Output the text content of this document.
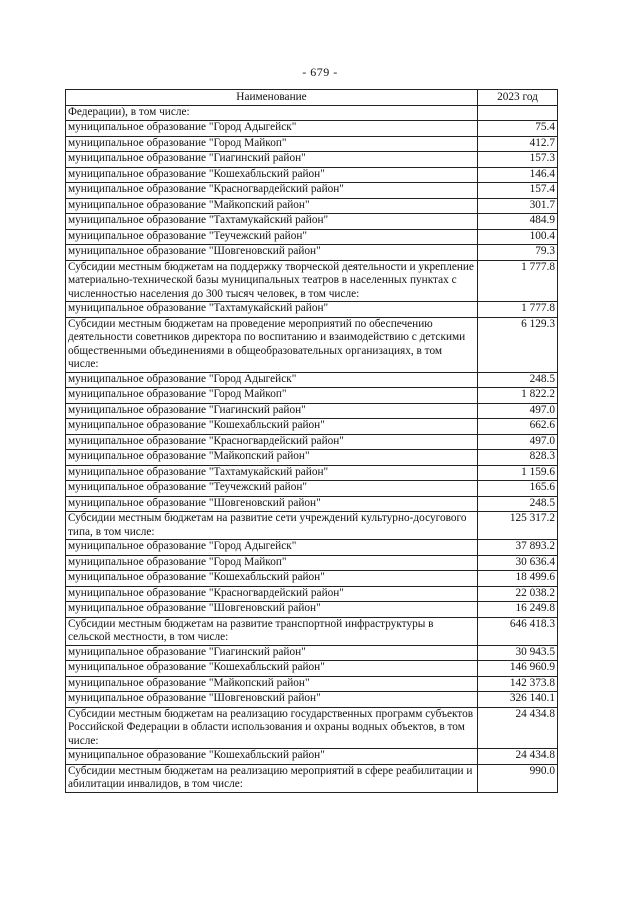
- 679 -
Наименование	2023 год
Федерации), в том числе:	
муниципальное образование "Город Адыгейск"	75.4
муниципальное образование "Город Майкоп"	412.7
муниципальное образование "Гиагинский район"	157.3
муниципальное образование "Кошехабльский район"	146.4
муниципальное образование "Красногвардейский район"	157.4
муниципальное образование "Майкопский район"	301.7
муниципальное образование "Тахтамукайский район"	484.9
муниципальное образование "Теучежский район"	100.4
муниципальное образование "Шовгеновский район"	79.3
Субсидии местным бюджетам на поддержку творческой деятельности и укрепление материально-технической базы муниципальных театров в населенных пунктах с численностью населения до 300 тысяч человек, в том числе:	1 777.8
муниципальное образование "Тахтамукайский район"	1 777.8
Субсидии местным бюджетам на проведение мероприятий по обеспечению деятельности советников директора по воспитанию и взаимодействию с детскими общественными объединениями в общеобразовательных организациях, в том числе:	6 129.3
муниципальное образование "Город Адыгейск"	248.5
муниципальное образование "Город Майкоп"	1 822.2
муниципальное образование "Гиагинский район"	497.0
муниципальное образование "Кошехабльский район"	662.6
муниципальное образование "Красногвардейский район"	497.0
муниципальное образование "Майкопский район"	828.3
муниципальное образование "Тахтамукайский район"	1 159.6
муниципальное образование "Теучежский район"	165.6
муниципальное образование "Шовгеновский район"	248.5
Субсидии местным бюджетам на развитие сети учреждений культурно-досугового типа, в том числе:	125 317.2
муниципальное образование "Город Адыгейск"	37 893.2
муниципальное образование "Город Майкоп"	30 636.4
муниципальное образование "Кошехабльский район"	18 499.6
муниципальное образование "Красногвардейский район"	22 038.2
муниципальное образование "Шовгеновский район"	16 249.8
Субсидии местным бюджетам на развитие транспортной инфраструктуры в сельской местности, в том числе:	646 418.3
муниципальное образование "Гиагинский район"	30 943.5
муниципальное образование "Кошехабльский район"	146 960.9
муниципальное образование "Майкопский район"	142 373.8
муниципальное образование "Шовгеновский район"	326 140.1
Субсидии местным бюджетам на реализацию государственных программ субъектов Российской Федерации в области использования и охраны водных объектов, в том числе:	24 434.8
муниципальное образование "Кошехабльский район"	24 434.8
Субсидии местным бюджетам на реализацию мероприятий в сфере реабилитации и абилитации инвалидов, в том числе:	990.0
